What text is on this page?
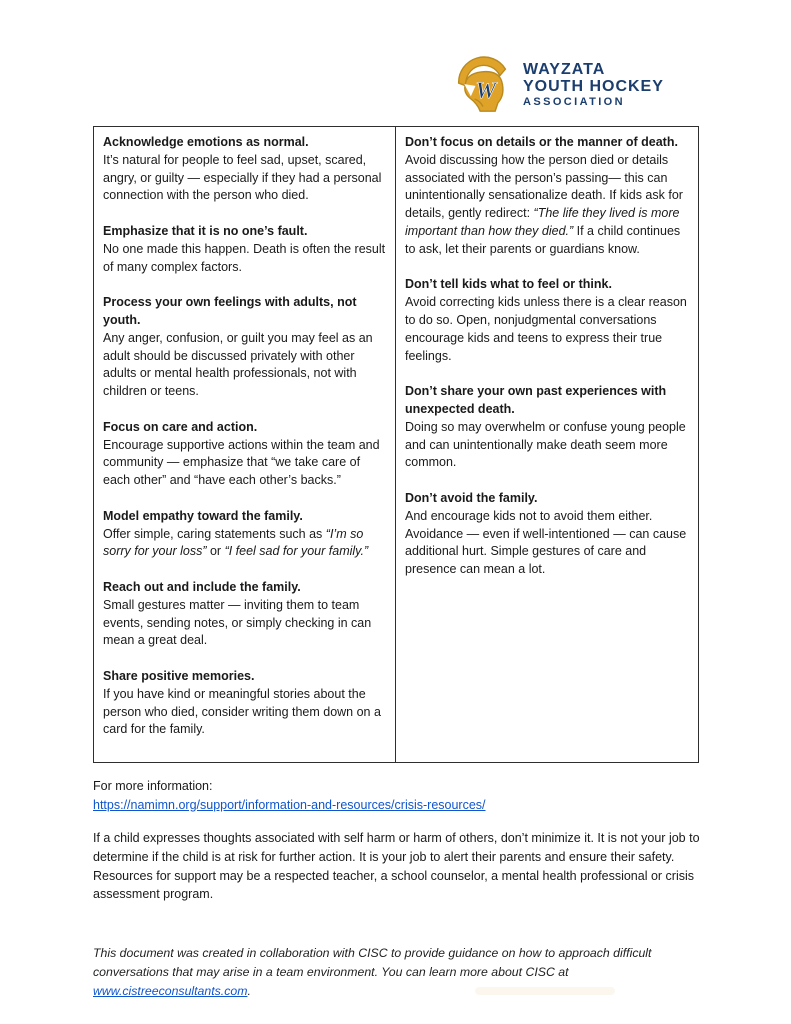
W
WAYZATA
YOUTH HOCKEY
ASSOCIATION
Acknowledge emotions as normal.
It’s natural for people to feel sad, upset, scared, angry, or guilty — especially if they had a personal connection with the person who died.
Emphasize that it is no one’s fault.
No one made this happen. Death is often the result of many complex factors.
Process your own feelings with adults, not youth.
Any anger, confusion, or guilt you may feel as an adult should be discussed privately with other adults or mental health professionals, not with children or teens.
Focus on care and action.
Encourage supportive actions within the team and community — emphasize that “we take care of each other” and “have each other’s backs.”
Model empathy toward the family.
Offer simple, caring statements such as “I’m so sorry for your loss” or “I feel sad for your family.”
Reach out and include the family.
Small gestures matter — inviting them to team events, sending notes, or simply checking in can mean a great deal.
Share positive memories.
If you have kind or meaningful stories about the person who died, consider writing them down on a card for the family.
Don’t focus on details or the manner of death.
Avoid discussing how the person died or details associated with the person’s passing— this can unintentionally sensationalize death. If kids ask for details, gently redirect: “The life they lived is more important than how they died.” If a child continues to ask, let their parents or guardians know.
Don’t tell kids what to feel or think.
Avoid correcting kids unless there is a clear reason to do so. Open, nonjudgmental conversations encourage kids and teens to express their true feelings.
Don’t share your own past experiences with unexpected death.
Doing so may overwhelm or confuse young people and can unintentionally make death seem more common.
Don’t avoid the family.
And encourage kids not to avoid them either. Avoidance — even if well-intentioned — can cause additional hurt. Simple gestures of care and presence can mean a lot.
For more information:
https://namimn.org/support/information-and-resources/crisis-resources/
If a child expresses thoughts associated with self harm or harm of others, don’t minimize it. It is not your job to determine if the child is at risk for further action. It is your job to alert their parents and ensure their safety. Resources for support may be a respected teacher, a school counselor, a mental health professional or crisis assessment program.
This document was created in collaboration with CISC to provide guidance on how to approach difficult conversations that may arise in a team environment. You can learn more about CISC at www.cistreeconsultants.com.
